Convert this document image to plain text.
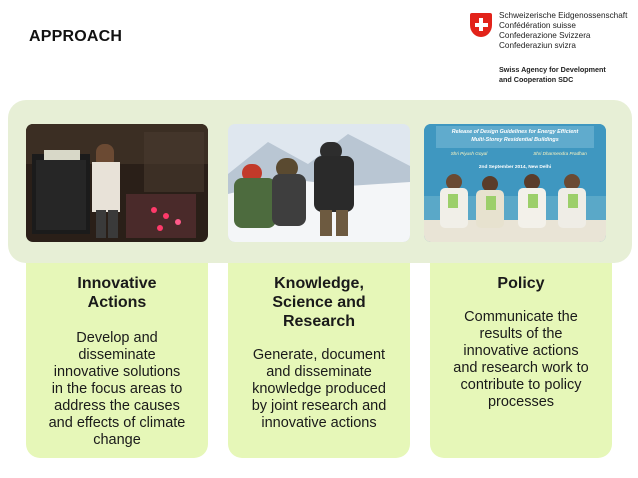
APPROACH
Schweizerische Eidgenossenschaft
Confédération suisse
Confederazione Svizzera
Confederaziun svizra
Swiss Agency for Development
and Cooperation SDC
Release of Design Guidelines for Energy Efficient
Multi-Storey Residential Buildings
Shri Piyush Goyal	Shri Dharmendra Pradhan
2nd September 2014, New Delhi
Innovative
Actions
Develop and
disseminate
innovative solutions
in the focus areas to
address the causes
and effects of climate
change
Knowledge,
Science and
Research
Generate, document
and disseminate
knowledge produced
by joint research and
innovative actions
Policy
Communicate the
results of the
innovative actions
and research work to
contribute to policy
processes
